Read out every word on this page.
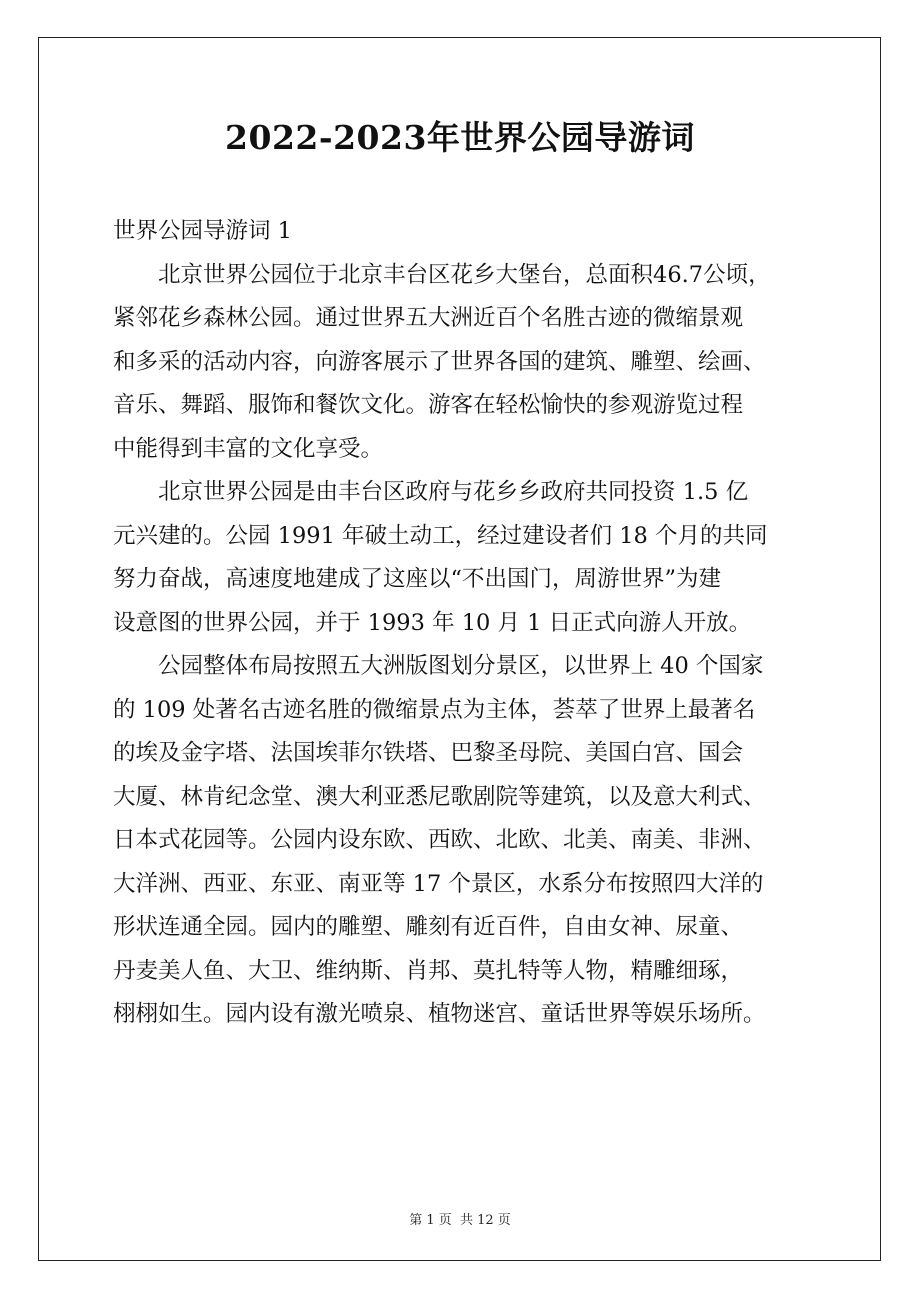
2022-2023年世界公园导游词

世界公园导游词 1

北京世界公园位于北京丰台区花乡大堡台，总面积46.7公顷，
紧邻花乡森林公园。通过世界五大洲近百个名胜古迹的微缩景观
和多采的活动内容，向游客展示了世界各国的建筑、雕塑、绘画、
音乐、舞蹈、服饰和餐饮文化。游客在轻松愉快的参观游览过程
中能得到丰富的文化享受。
北京世界公园是由丰台区政府与花乡乡政府共同投资 1.5 亿
元兴建的。公园 1991 年破土动工，经过建设者们 18 个月的共同
努力奋战，高速度地建成了这座以“不出国门，周游世界”为建
设意图的世界公园，并于 1993 年 10 月 1 日正式向游人开放。
公园整体布局按照五大洲版图划分景区，以世界上 40 个国家
的 109 处著名古迹名胜的微缩景点为主体，荟萃了世界上最著名
的埃及金字塔、法国埃菲尔铁塔、巴黎圣母院、美国白宫、国会
大厦、林肯纪念堂、澳大利亚悉尼歌剧院等建筑，以及意大利式、
日本式花园等。公园内设东欧、西欧、北欧、北美、南美、非洲、
大洋洲、西亚、东亚、南亚等 17 个景区，水系分布按照四大洋的
形状连通全园。园内的雕塑、雕刻有近百件，自由女神、尿童、
丹麦美人鱼、大卫、维纳斯、肖邦、莫扎特等人物，精雕细琢，
栩栩如生。园内设有激光喷泉、植物迷宫、童话世界等娱乐场所。
第 1 页 共 12 页
